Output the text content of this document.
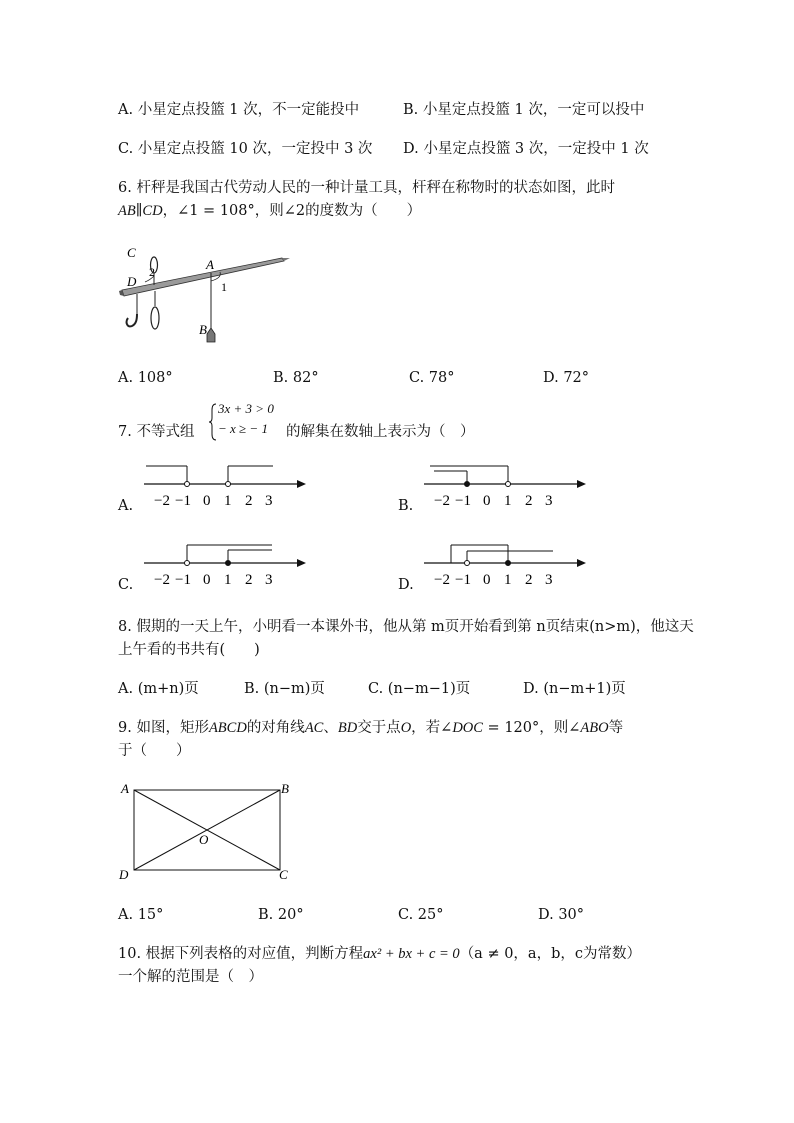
A. 小星定点投篮 1 次，不一定能投中	B. 小星定点投篮 1 次，一定可以投中
C. 小星定点投篮 10 次，一定投中 3 次 D. 小星定点投篮 3 次，一定投中 1 次
6. 杆秤是我国古代劳动人民的一种计量工具，杆秤在称物时的状态如图，此时
AB∥CD，∠1 = 108°，则∠2的度数为（　　）
C
D
2	A
1
B
A. 108°	B. 82°	C. 78°	D. 72°
7. 不等式组
3x + 3 > 0
− x ≥ − 1 的解集在数轴上表示为（　）
A. −2 −1 0 1 2 3	B. −2 −1 0 1 2 3
C. −2 −1 0 1 2 3	D. −2 −1 0 1 2 3
8. 假期的一天上午，小明看一本课外书，他从第 m页开始看到第 n页结束(n>m)，他这天
上午看的书共有(　　)
A. (m+n)页	B. (n−m)页	C. (n−m−1)页	D. (n−m+1)页
9. 如图，矩形ABCD的对角线AC、BD交于点O，若∠DOC = 120°，则∠ABO等
于（　　）
A	B
O
D	C
A. 15°	B. 20°	C. 25°	D. 30°
10. 根据下列表格的对应值，判断方程ax² + bx + c = 0（a ≠ 0，a，b，c为常数）
一个解的范围是（　）
